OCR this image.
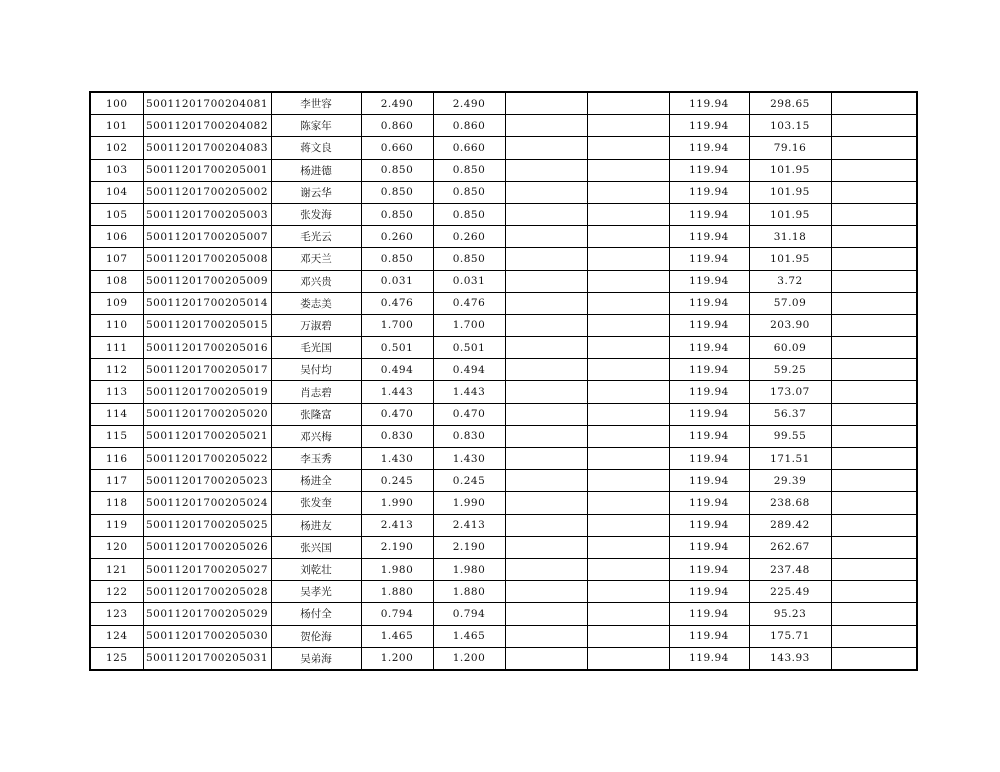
100	50011201700204081	李世容	2.490	2.490			119.94	298.65	
101	50011201700204082	陈家年	0.860	0.860			119.94	103.15	
102	50011201700204083	蒋文良	0.660	0.660			119.94	79.16	
103	50011201700205001	杨进德	0.850	0.850			119.94	101.95	
104	50011201700205002	谢云华	0.850	0.850			119.94	101.95	
105	50011201700205003	张发海	0.850	0.850			119.94	101.95	
106	50011201700205007	毛光云	0.260	0.260			119.94	31.18	
107	50011201700205008	邓天兰	0.850	0.850			119.94	101.95	
108	50011201700205009	邓兴贵	0.031	0.031			119.94	3.72	
109	50011201700205014	娄志美	0.476	0.476			119.94	57.09	
110	50011201700205015	万淑碧	1.700	1.700			119.94	203.90	
111	50011201700205016	毛光国	0.501	0.501			119.94	60.09	
112	50011201700205017	吴付均	0.494	0.494			119.94	59.25	
113	50011201700205019	肖志碧	1.443	1.443			119.94	173.07	
114	50011201700205020	张隆富	0.470	0.470			119.94	56.37	
115	50011201700205021	邓兴梅	0.830	0.830			119.94	99.55	
116	50011201700205022	李玉秀	1.430	1.430			119.94	171.51	
117	50011201700205023	杨进全	0.245	0.245			119.94	29.39	
118	50011201700205024	张发奎	1.990	1.990			119.94	238.68	
119	50011201700205025	杨进友	2.413	2.413			119.94	289.42	
120	50011201700205026	张兴国	2.190	2.190			119.94	262.67	
121	50011201700205027	刘乾壮	1.980	1.980			119.94	237.48	
122	50011201700205028	吴孝光	1.880	1.880			119.94	225.49	
123	50011201700205029	杨付全	0.794	0.794			119.94	95.23	
124	50011201700205030	贺伦海	1.465	1.465			119.94	175.71	
125	50011201700205031	吴弟海	1.200	1.200			119.94	143.93	
